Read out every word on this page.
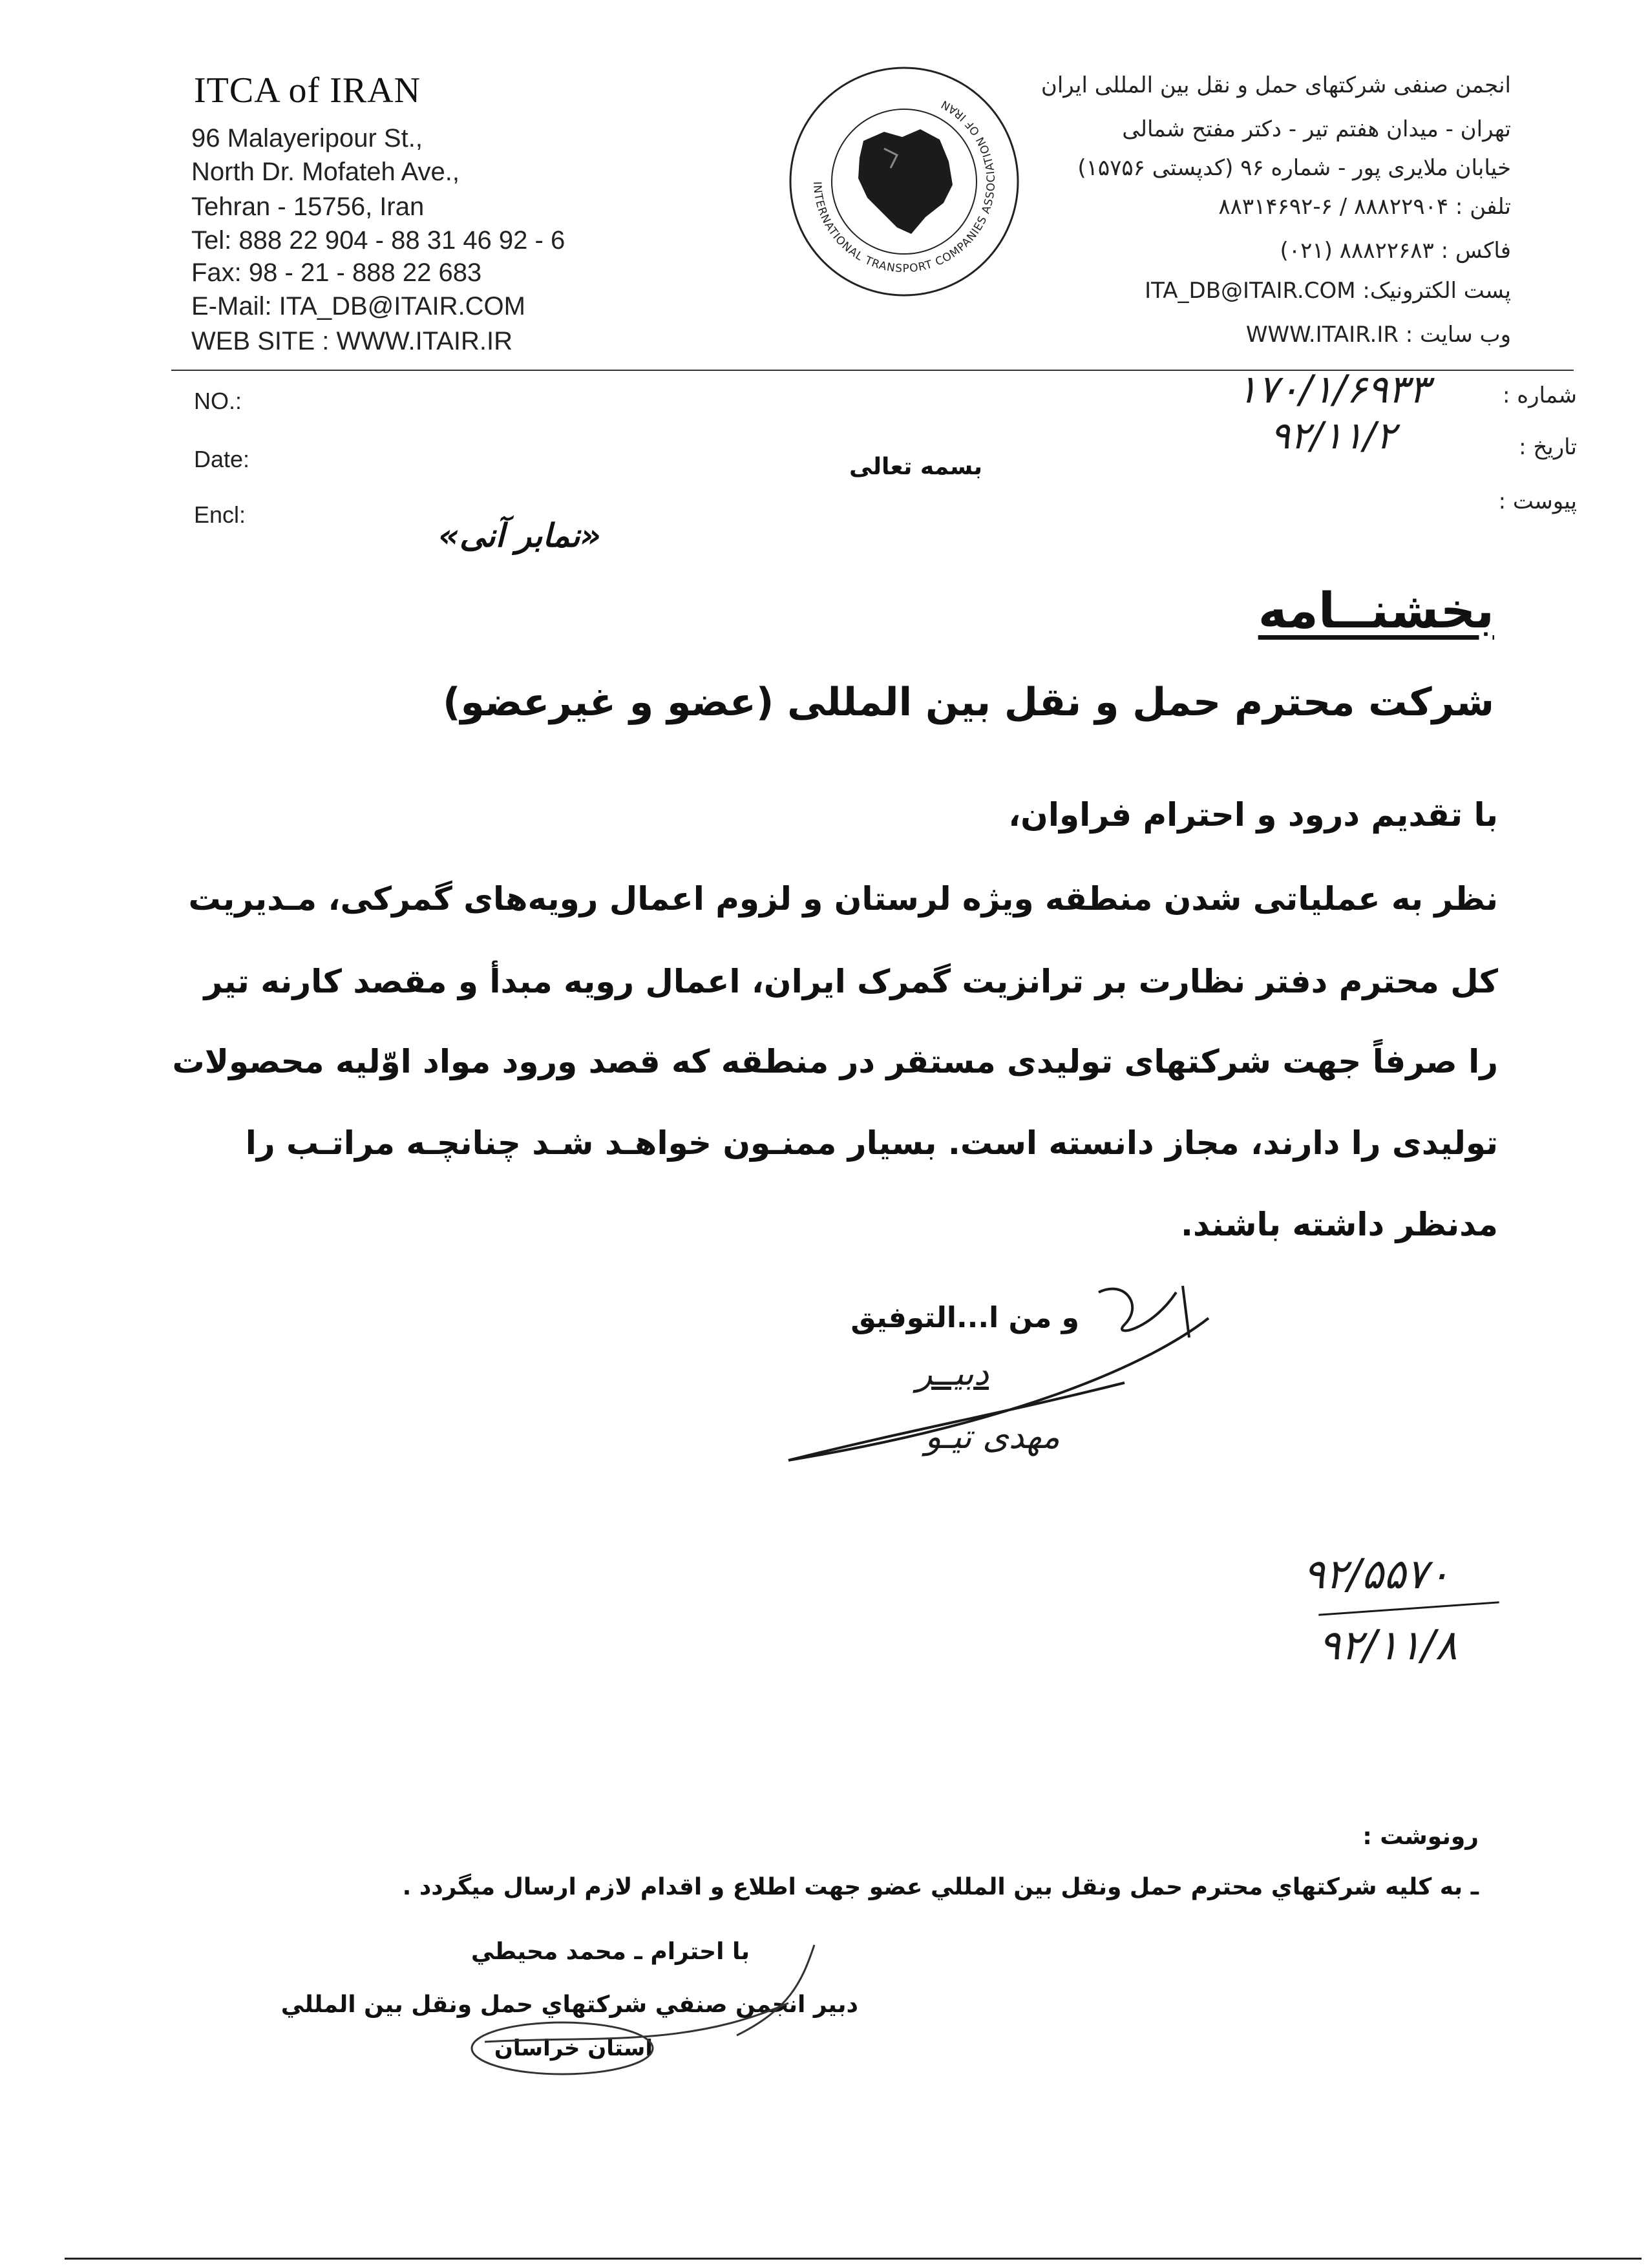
ITCA of IRAN
96 Malayeripour St.,
North Dr. Mofateh Ave.,
Tehran - 15756, Iran
Tel: 888 22 904 - 88 31 46 92 - 6
Fax: 98 - 21 - 888 22 683
E-Mail: ITA_DB@ITAIR.COM
WEB SITE : WWW.ITAIR.IR
INTERNATIONAL TRANSPORT COMPANIES ASSOCIATION OF IRAN
انجمن صنفی شرکتهای حمل و نقل بین المللی ایران
تهران - میدان هفتم تیر - دکتر مفتح شمالی
خیابان ملایری پور - شماره ۹۶ (کدپستی ۱۵۷۵۶)
تلفن : ۸۸۸۲۲۹۰۴ / ۶-۸۸۳۱۴۶۹۲
فاکس : ۸۸۸۲۲۶۸۳ (۰۲۱)
پست الکترونیک: ITA_DB@ITAIR.COM
وب سایت : WWW.ITAIR.IR
NO.:
Date:
Encl:
شماره :
تاریخ :
پیوست :
۱۷۰/۱/۶۹۳۳
۹۲/۱۱/۲
بسمه تعالی
«نمابر آنی»
بخشنــامه
شرکت محترم حمل و نقل بین المللی (عضو و غیرعضو)
با تقدیم درود و احترام فراوان،
نظر به عملیاتی شدن منطقه ویژه لرستان و لزوم اعمال رویه‌های گمرکی، مـدیریت
کل محترم دفتر نظارت بر ترانزیت گمرک ایران، اعمال رویه مبدأ و مقصد کارنه تیر
را صرفاً جهت شرکتهای تولیدی مستقر در منطقه که قصد ورود مواد اوّلیه محصولات
تولیدی را دارند، مجاز دانسته است. بسیار ممنـون خواهـد شـد چنانچـه مراتـب را
مدنظر داشته باشند.
و من ا...التوفیق
دبیــر
مهدی تیـو
۹۲/۵۵۷۰
۹۲/۱۱/۸
رونوشت :
ـ به کلیه شرکتهاي محترم حمل ونقل بین المللي عضو جهت اطلاع و اقدام لازم ارسال میگردد .
با احترام ـ محمد محیطي
دبیر انجمن صنفي شرکتهاي حمل ونقل بین المللي
استان خراسان
